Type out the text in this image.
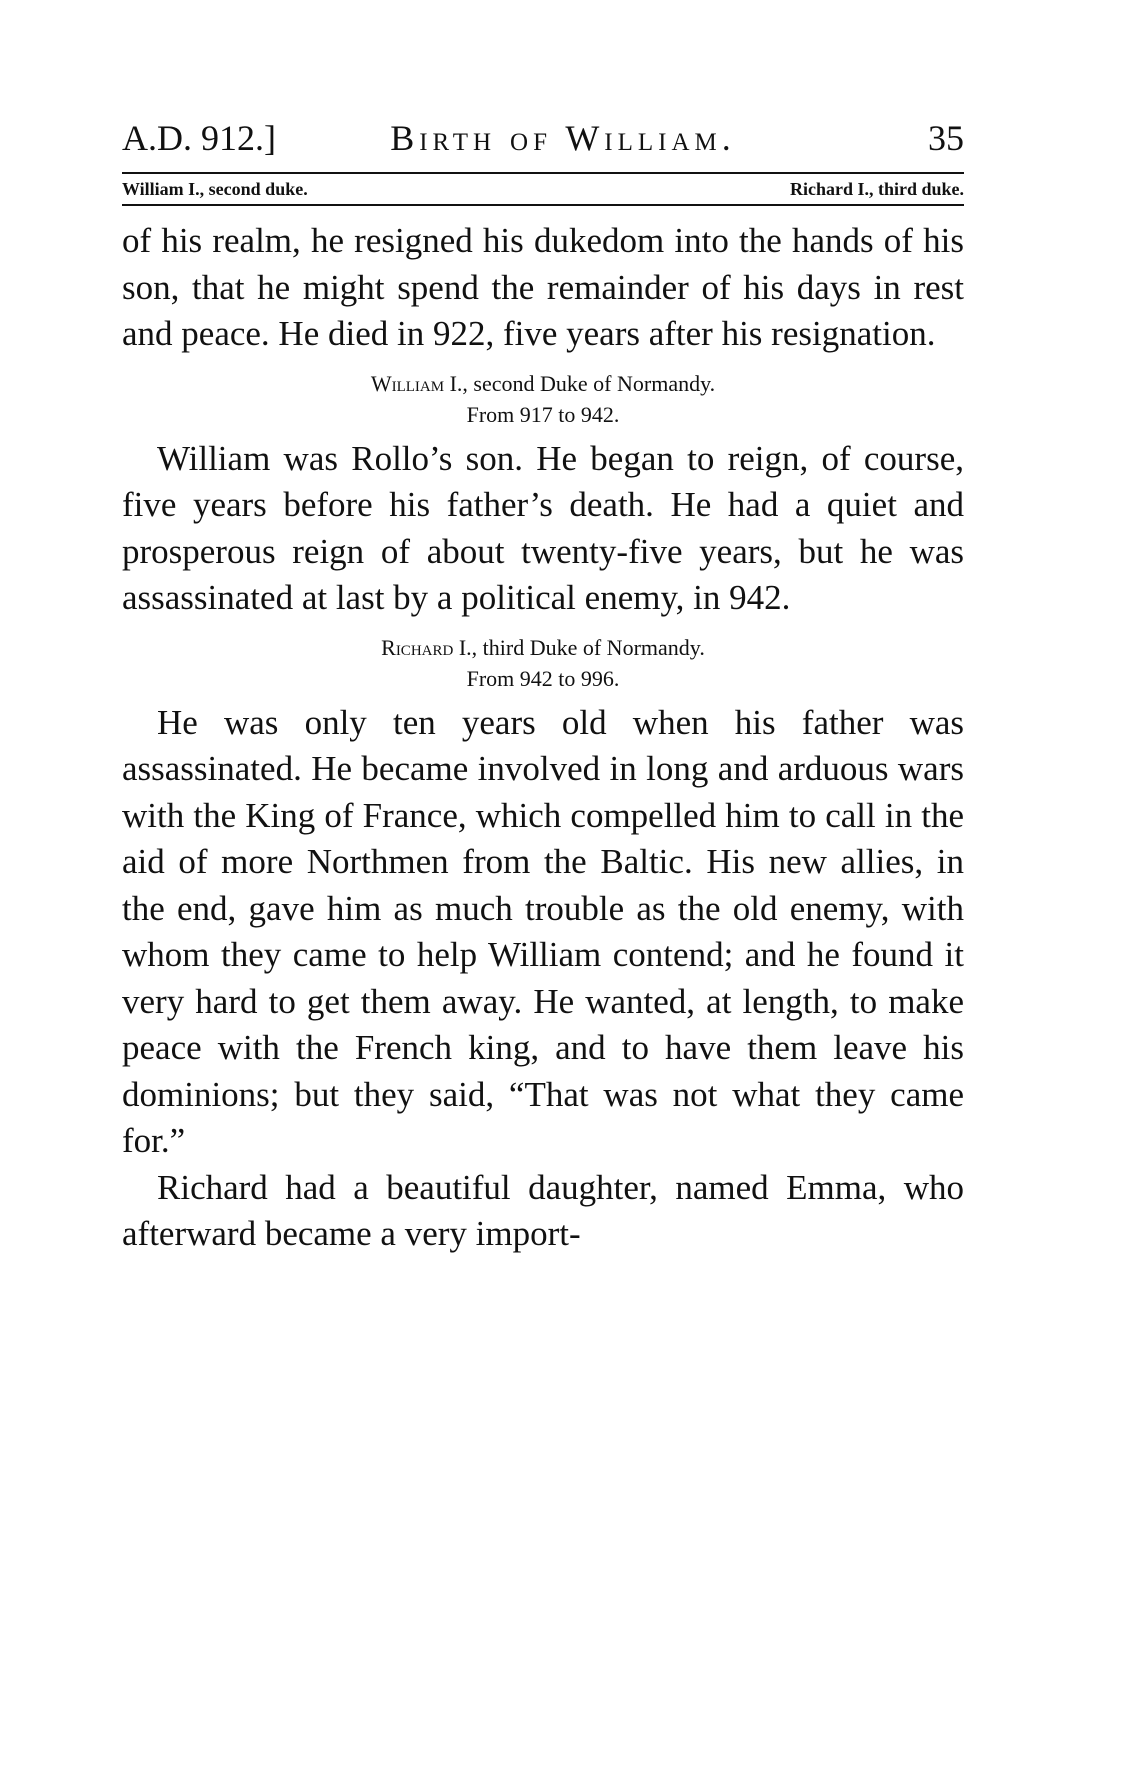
A.D. 912.]	Birth of William.	35
William I., second duke.	Richard I., third duke.

of his realm, he resigned his dukedom into the hands of his son, that he might spend the remainder of his days in rest and peace. He died in 922, five years after his resignation.

William I., second Duke of Normandy.
From 917 to 942.

William was Rollo’s son. He began to reign, of course, five years before his father’s death. He had a quiet and prosperous reign of about twenty-five years, but he was assassinated at last by a political enemy, in 942.

Richard I., third Duke of Normandy.
From 942 to 996.

He was only ten years old when his father was assassinated. He became involved in long and arduous wars with the King of France, which compelled him to call in the aid of more Northmen from the Baltic. His new allies, in the end, gave him as much trouble as the old enemy, with whom they came to help William contend; and he found it very hard to get them away. He wanted, at length, to make peace with the French king, and to have them leave his dominions; but they said, “That was not what they came for.”

Richard had a beautiful daughter, named Emma, who afterward became a very import-
